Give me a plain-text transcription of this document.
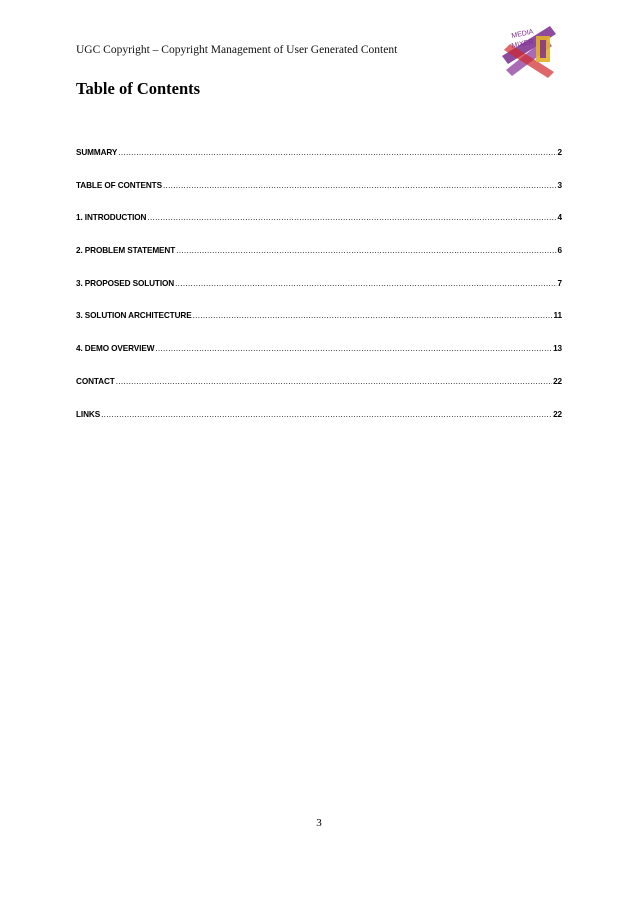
UGC Copyright – Copyright Management of User Generated Content
MEDIA
MIXER
Table of Contents
SUMMARY .....	2
TABLE OF CONTENTS .....	3
1. INTRODUCTION .....	4
2. PROBLEM STATEMENT .....	6
3. PROPOSED SOLUTION .....	7
3. SOLUTION ARCHITECTURE .....	11
4. DEMO OVERVIEW .....	13
CONTACT .....	22
LINKS .....	22
3
